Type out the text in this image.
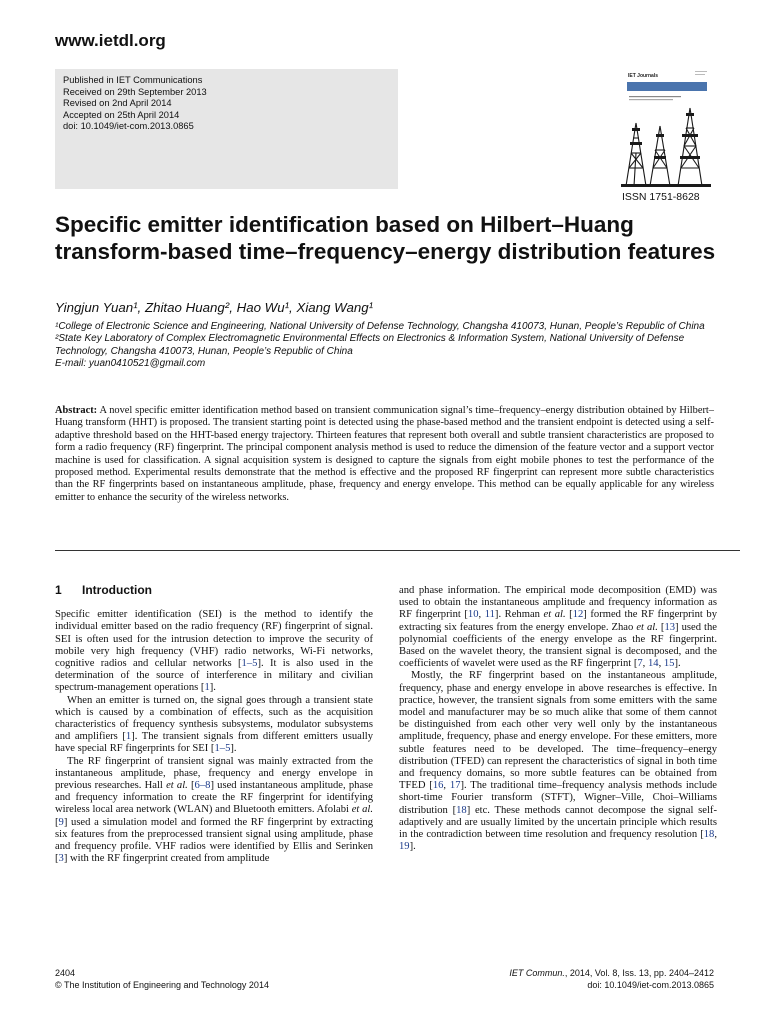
www.ietdl.org
Published in IET Communications
Received on 29th September 2013
Revised on 2nd April 2014
Accepted on 25th April 2014
doi: 10.1049/iet-com.2013.0865
IET Journals
ISSN 1751-8628
Specific emitter identification based on Hilbert–Huang transform-based time–frequency–energy distribution features
Yingjun Yuan¹, Zhitao Huang², Hao Wu¹, Xiang Wang¹

¹College of Electronic Science and Engineering, National University of Defense Technology, Changsha 410073, Hunan, People’s Republic of China

²State Key Laboratory of Complex Electromagnetic Environmental Effects on Electronics & Information System, National University of Defense Technology, Changsha 410073, Hunan, People’s Republic of China

E-mail: yuan0410521@gmail.com

Abstract: A novel specific emitter identification method based on transient communication signal’s time–frequency–energy distribution obtained by Hilbert–Huang transform (HHT) is proposed. The transient starting point is detected using the phase-based method and the transient endpoint is detected using a self-adaptive threshold based on the HHT-based energy trajectory. Thirteen features that represent both overall and subtle transient characteristics are proposed to form a radio frequency (RF) fingerprint. The principal component analysis method is used to reduce the dimension of the feature vector and a support vector machine is used for classification. A signal acquisition system is designed to capture the signals from eight mobile phones to test the performance of the proposed method. Experimental results demonstrate that the method is effective and the proposed RF fingerprint can represent more subtle characteristics than the RF fingerprints based on instantaneous amplitude, phase, frequency and energy envelope. This method can be equally applicable for any wireless emitter to enhance the security of the wireless networks.

1 Introduction

Specific emitter identification (SEI) is the method to identify the individual emitter based on the radio frequency (RF) fingerprint of signal. SEI is often used for the intrusion detection to improve the security of mobile very high frequency (VHF) radio networks, Wi-Fi networks, cognitive radios and cellular networks [1–5]. It is also used in the determination of the source of interference in military and civilian spectrum-management operations [1].

When an emitter is turned on, the signal goes through a transient state which is caused by a combination of effects, such as the acquisition characteristics of frequency synthesis subsystems, modulator subsystems and amplifiers [1]. The transient signals from different emitters usually have special RF fingerprints for SEI [1–5].

The RF fingerprint of transient signal was mainly extracted from the instantaneous amplitude, phase, frequency and energy envelope in previous researches. Hall et al. [6–8] used instantaneous amplitude, phase and frequency information to create the RF fingerprint for identifying wireless local area network (WLAN) and Bluetooth emitters. Afolabi et al. [9] used a simulation model and formed the RF fingerprint by extracting six features from the preprocessed transient signal using amplitude, phase and frequency profile. VHF radios were identified by Ellis and Serinken [3] with the RF fingerprint created from amplitude

and phase information. The empirical mode decomposition (EMD) was used to obtain the instantaneous amplitude and frequency information as RF fingerprint [10, 11]. Rehman et al. [12] formed the RF fingerprint by extracting six features from the energy envelope. Zhao et al. [13] used the polynomial coefficients of the energy envelope as the RF fingerprint. Based on the wavelet theory, the transient signal is decomposed, and the coefficients of wavelet were used as the RF fingerprint [7, 14, 15].

Mostly, the RF fingerprint based on the instantaneous amplitude, frequency, phase and energy envelope in above researches is effective. In practice, however, the transient signals from some emitters with the same model and manufacturer may be so much alike that some of them cannot be distinguished from each other very well only by the instantaneous amplitude, frequency, phase and energy envelope. For these emitters, more subtle features need to be developed. The time–frequency–energy distribution (TFED) can represent the characteristics of signal in both time and frequency domains, so more subtle features can be obtained from TFED [16, 17]. The traditional time–frequency analysis methods include short-time Fourier transform (STFT), Wigner–Ville, Choi–Williams distribution [18] etc. These methods cannot decompose the signal self-adaptively and are usually limited by the uncertain principle which results in the contradiction between time resolution and frequency resolution [18, 19].

2404
© The Institution of Engineering and Technology 2014
IET Commun., 2014, Vol. 8, Iss. 13, pp. 2404–2412
doi: 10.1049/iet-com.2013.0865
